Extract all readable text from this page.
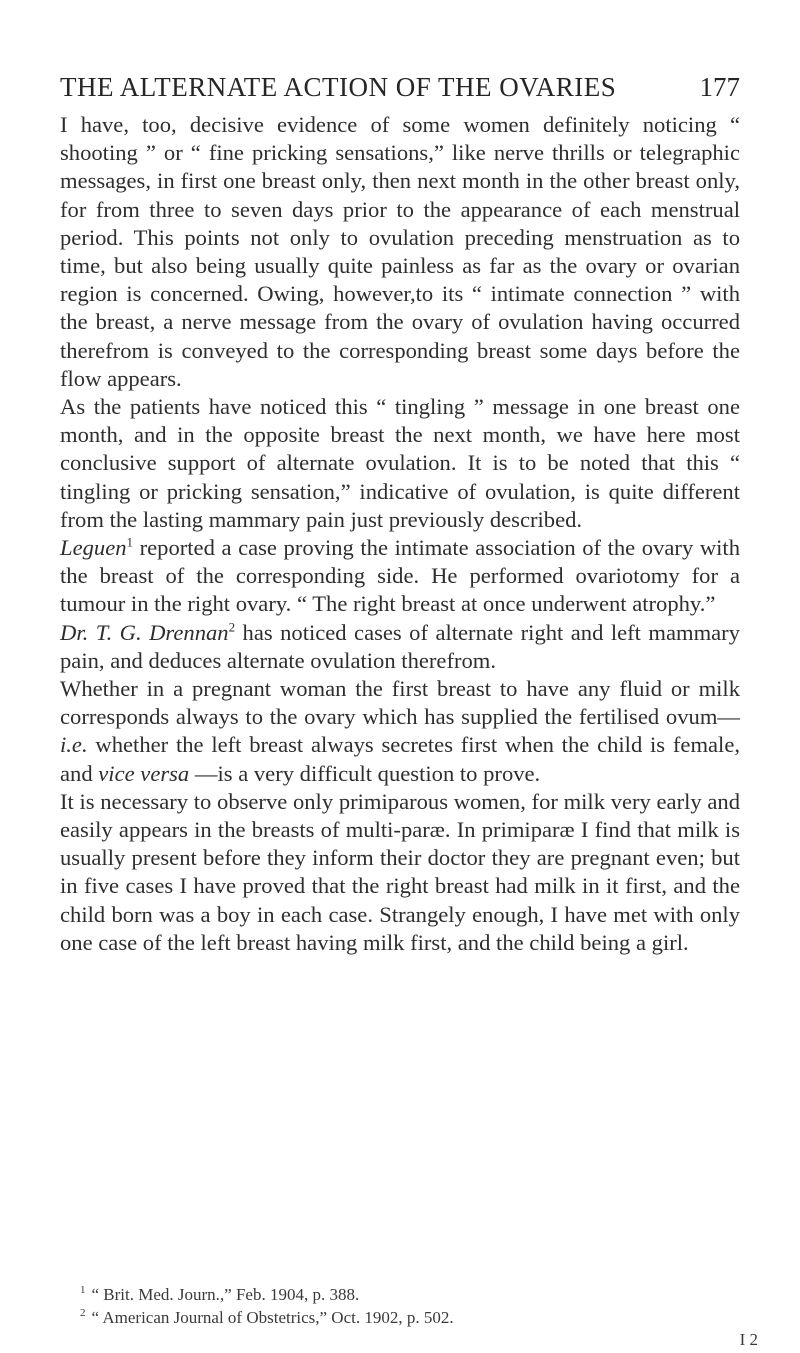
THE ALTERNATE ACTION OF THE OVARIES	177

I have, too, decisive evidence of some women definitely noticing “ shooting ” or “ fine pricking sensations,” like nerve thrills or telegraphic messages, in first one breast only, then next month in the other breast only, for from three to seven days prior to the appearance of each menstrual period. This points not only to ovulation preceding menstruation as to time, but also being usually quite painless as far as the ovary or ovarian region is concerned. Owing, however,to its “ intimate connection ” with the breast, a nerve message from the ovary of ovulation having occurred therefrom is conveyed to the corresponding breast some days before the flow appears.

As the patients have noticed this “ tingling ” message in one breast one month, and in the opposite breast the next month, we have here most conclusive support of alternate ovulation. It is to be noted that this “ tingling or pricking sensation,” indicative of ovulation, is quite different from the lasting mammary pain just previously described.

Leguen$^1$ reported a case proving the intimate association of the ovary with the breast of the corresponding side. He performed ovariotomy for a tumour in the right ovary. “ The right breast at once underwent atrophy.”

Dr. T. G. Drennan$^2$ has noticed cases of alternate right and left mammary pain, and deduces alternate ovulation therefrom.

Whether in a pregnant woman the first breast to have any fluid or milk corresponds always to the ovary which has supplied the fertilised ovum—i.e. whether the left breast always secretes first when the child is female, and vice versa —is a very difficult question to prove.

It is necessary to observe only primiparous women, for milk very early and easily appears in the breasts of multi-paræ. In primiparæ I find that milk is usually present before they inform their doctor they are pregnant even; but in five cases I have proved that the right breast had milk in it first, and the child born was a boy in each case. Strangely enough, I have met with only one case of the left breast having milk first, and the child being a girl.

$^1$ “ Brit. Med. Journ.,” Feb. 1904, p. 388.

$^2$ “ American Journal of Obstetrics,” Oct. 1902, p. 502.

I 2
